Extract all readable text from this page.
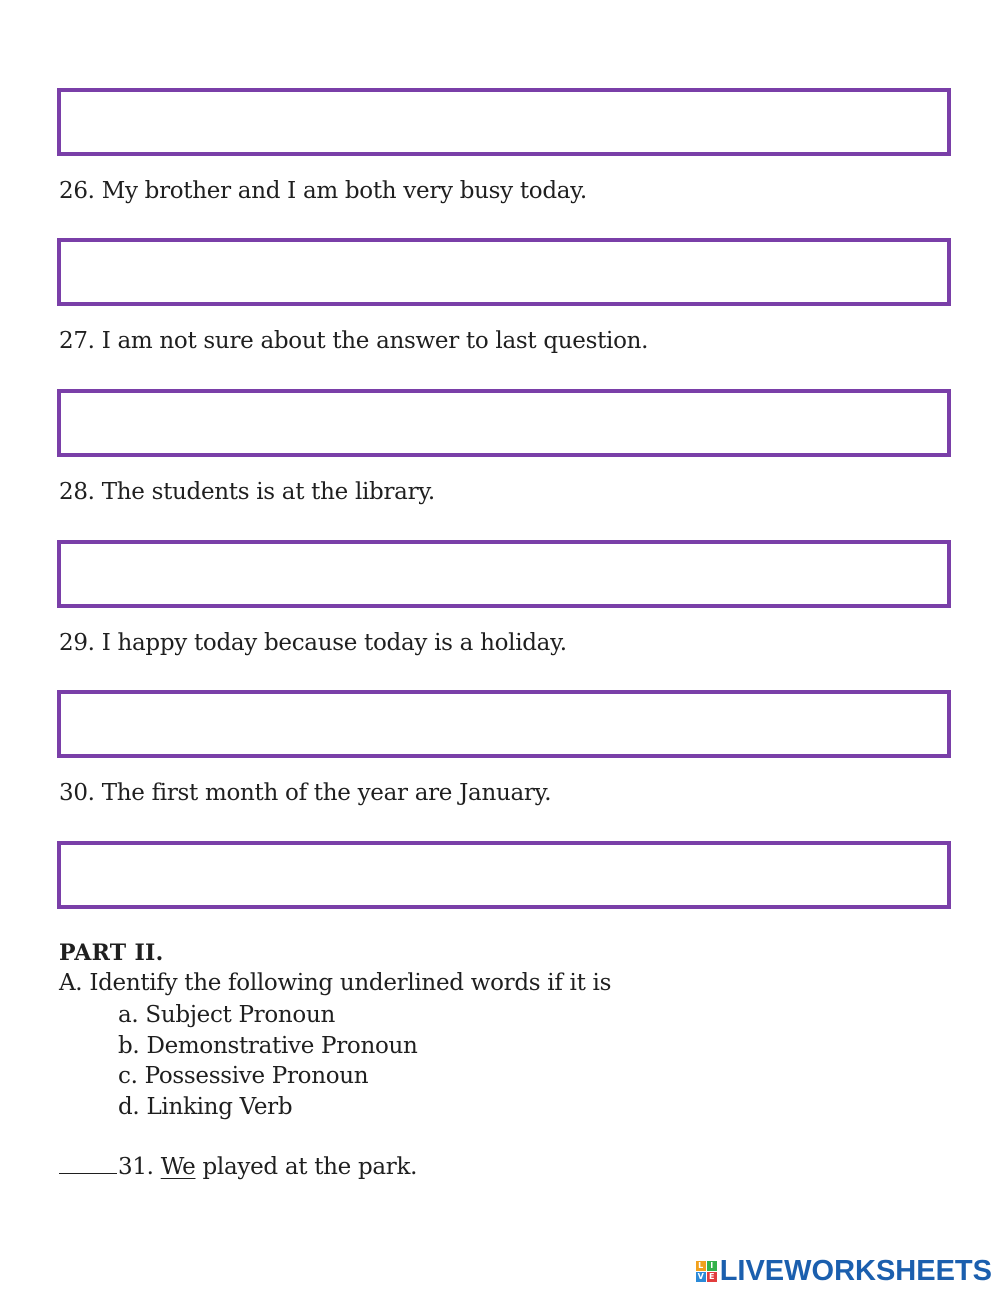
26. My brother and I am both very busy today.
27. I am not sure about the answer to last question.
28. The students is at the library.
29. I happy today because today is a holiday.
30. The first month of the year are January.
PART II.
A. Identify the following underlined words if it is
a. Subject Pronoun
b. Demonstrative Pronoun
c. Possessive Pronoun
d. Linking Verb
31.
We
played at the park.
L I
V E LIVEWORKSHEETS
